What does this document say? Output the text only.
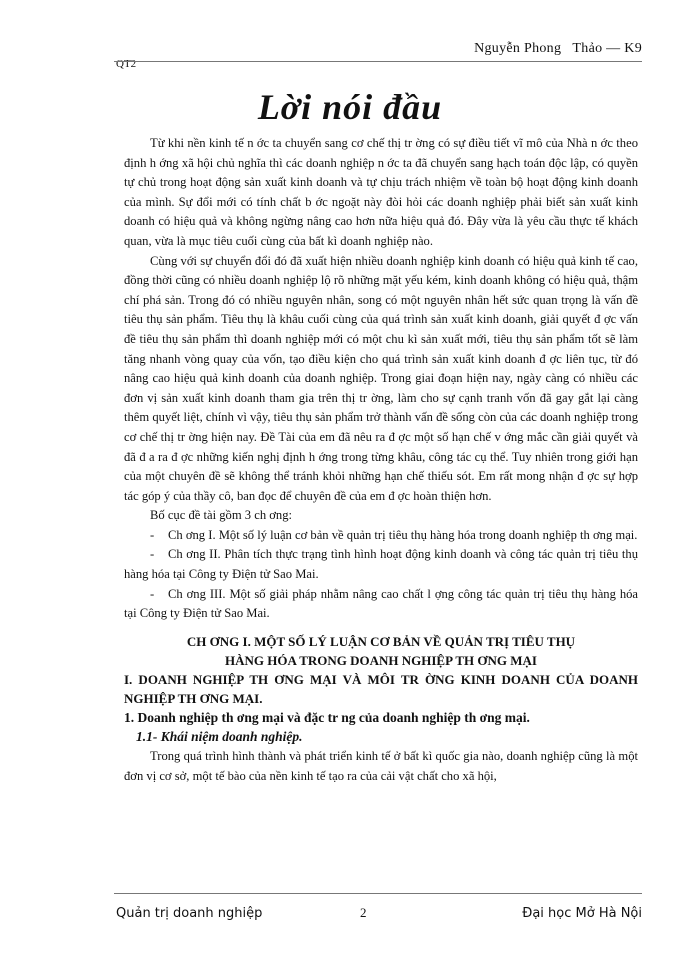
Nguyễn Phong   Thảo — K9
QT2
Lời nói đầu

Từ khi nền kinh tế n ớc ta chuyển sang cơ chế thị tr ờng có sự điều tiết vĩ mô của Nhà n ớc theo định h ớng xã hội chủ nghĩa thì các doanh nghiệp n ớc ta đã chuyển sang hạch toán độc lập, có quyền tự chủ trong hoạt động sản xuất kinh doanh và tự chịu trách nhiệm về toàn bộ hoạt động kinh doanh của mình. Sự đổi mới có tính chất b ớc ngoặt này đòi hỏi các doanh nghiệp phải biết sản xuất kinh doanh có hiệu quả và không ngừng nâng cao hơn nữa hiệu quả đó. Đây vừa là yêu cầu thực tế khách quan, vừa là mục tiêu cuối cùng của bất kì doanh nghiệp nào.

Cùng với sự chuyển đổi đó đã xuất hiện nhiều doanh nghiệp kinh doanh có hiệu quả kinh tế cao, đồng thời cũng có nhiều doanh nghiệp lộ rõ những mặt yếu kém, kinh doanh không có hiệu quả, thậm chí phá sản. Trong đó có nhiều nguyên nhân, song có một nguyên nhân hết sức quan trọng là vấn đề tiêu thụ sản phẩm. Tiêu thụ là khâu cuối cùng của quá trình sản xuất kinh doanh, giải quyết đ ợc vấn đề tiêu thụ sản phẩm thì doanh nghiệp mới có một chu kì sản xuất mới, tiêu thụ sản phẩm tốt sẽ làm tăng nhanh vòng quay của vốn, tạo điều kiện cho quá trình sản xuất kinh doanh đ ợc liên tục, từ đó nâng cao hiệu quả kinh doanh của doanh nghiệp. Trong giai đoạn hiện nay, ngày càng có nhiều các đơn vị sản xuất kinh doanh tham gia trên thị tr ờng, làm cho sự cạnh tranh vốn đã gay gắt lại càng thêm quyết liệt, chính vì vậy, tiêu thụ sản phẩm trở thành vấn đề sống còn của các doanh nghiệp trong cơ chế thị tr ờng hiện nay. Đề Tài của em đã nêu ra đ ợc một số hạn chế v ớng mắc cần giải quyết và đã đ a ra đ ợc những kiến nghị định h ớng trong từng khâu, công tác cụ thể. Tuy nhiên trong giới hạn của một chuyên đề sẽ không thể tránh khỏi những hạn chế thiếu sót. Em rất mong nhận đ ợc sự hợp tác góp ý của thầy cô, ban đọc để chuyên đề của em đ ợc hoàn thiện hơn.

Bố cục đề tài gồm 3 ch ơng:

- Ch ơng I. Một số lý luận cơ bản về quản trị tiêu thụ hàng hóa trong doanh nghiệp th ơng mại.

- Ch ơng II. Phân tích thực trạng tình hình hoạt động kinh doanh và công tác quản trị tiêu thụ hàng hóa tại Công ty Điện tử Sao Mai.

- Ch ơng III. Một số giải pháp nhằm nâng cao chất l ợng công tác quản trị tiêu thụ hàng hóa tại Công ty Điện tử Sao Mai.

CH ƠNG I. MỘT SỐ LÝ LUẬN CƠ BẢN VỀ QUẢN TRỊ TIÊU THỤ
HÀNG HÓA TRONG DOANH NGHIỆP TH ƠNG MẠI

I. DOANH NGHIỆP TH ƠNG MẠI VÀ MÔI TR ỜNG KINH DOANH CỦA DOANH NGHIỆP TH ƠNG MẠI.

1. Doanh nghiệp th ơng mại và đặc tr ng của doanh nghiệp th ơng mại.

1.1- Khái niệm doanh nghiệp.

Trong quá trình hình thành và phát triển kinh tế ở bất kì quốc gia nào, doanh nghiệp cũng là một đơn vị cơ sở, một tế bào của nền kinh tế tạo ra của cải vật chất cho xã hội,

Quản trị doanh nghiệp	2	Đại học Mở Hà Nội
